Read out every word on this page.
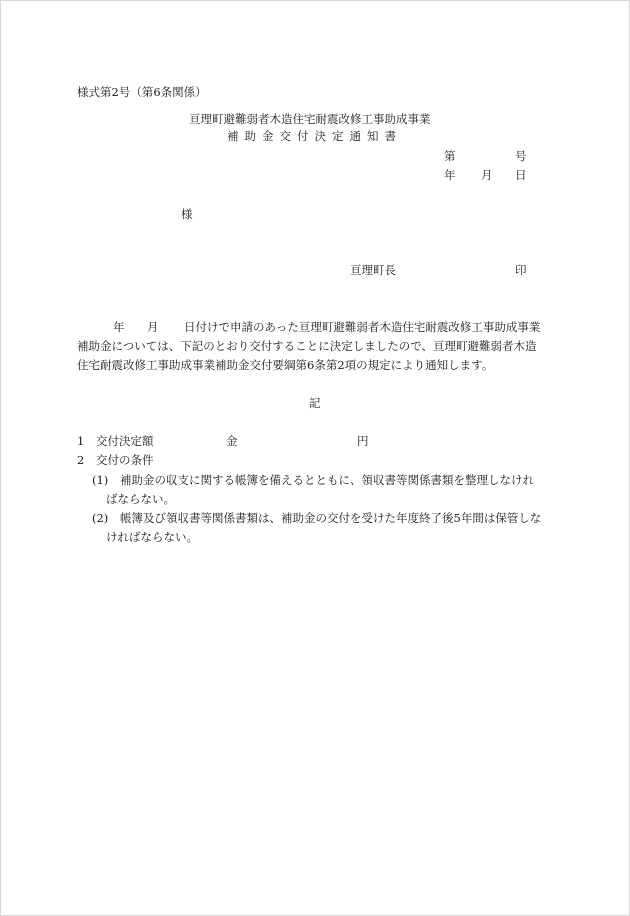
様式第2号（第6条関係）
亘理町避難弱者木造住宅耐震改修工事助成事業
補助金交付決定通知書
第	号
年 月 日
様
亘理町長	印
年 月 日付けで申請のあった亘理町避難弱者木造住宅耐震改修工事助成事業
補助金については、下記のとおり交付することに決定しましたので、亘理町避難弱者木造
住宅耐震改修工事助成事業補助金交付要綱第6条第2項の規定により通知します。
記
1 交付決定額	金	円
2 交付の条件
(1) 補助金の収支に関する帳簿を備えるとともに、領収書等関係書類を整理しなけれ
ばならない。
(2) 帳簿及び領収書等関係書類は、補助金の交付を受けた年度終了後5年間は保管しな
ければならない。
